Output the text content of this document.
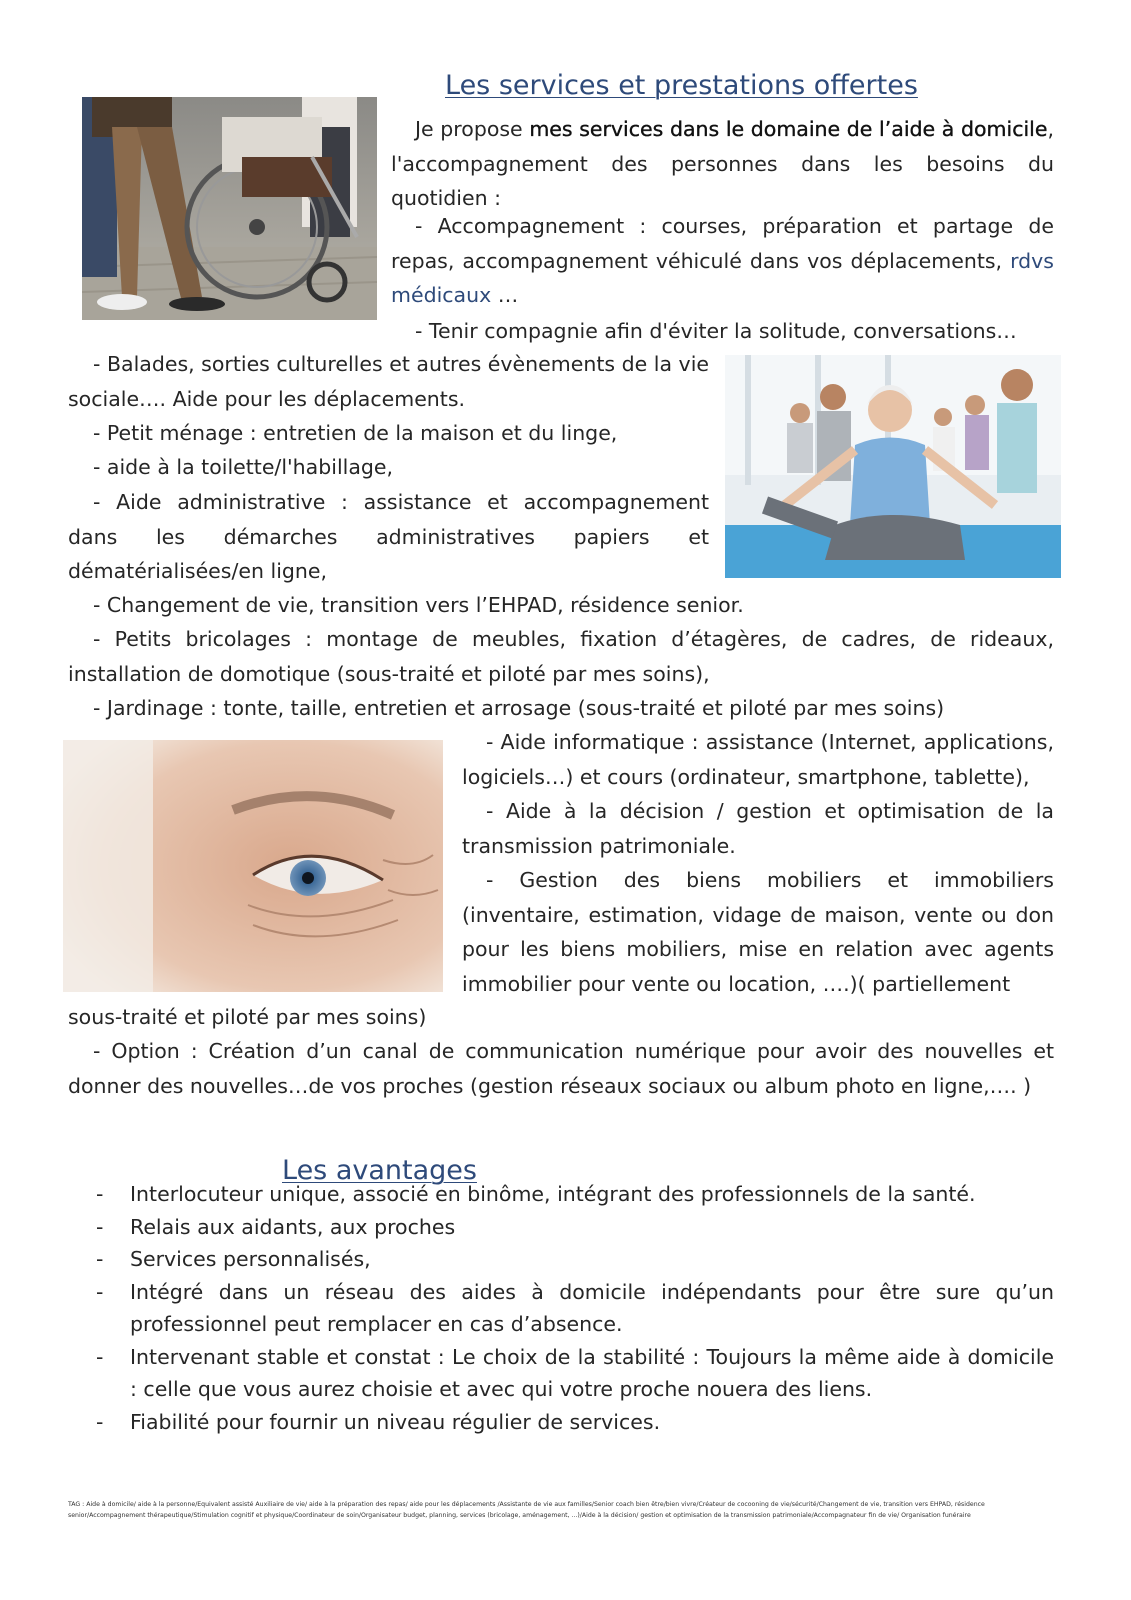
Les services et prestations offertes
Je propose mes services dans le domaine de l’aide à domicile, l'accompagnement des personnes dans les besoins du quotidien :
- Accompagnement : courses, préparation et partage de repas, accompagnement véhiculé dans vos déplacements, rdvs médicaux …
- Tenir compagnie afin d'éviter la solitude, conversations…
- Balades, sorties culturelles et autres évènements de la vie sociale…. Aide pour les déplacements.
- Petit ménage : entretien de la maison et du linge,
- aide à la toilette/l'habillage,
- Aide administrative : assistance et accompagnement dans les démarches administratives papiers et dématérialisées/en ligne,
- Changement de vie, transition vers l’EHPAD, résidence senior.
- Petits bricolages : montage de meubles, fixation d’étagères, de cadres, de rideaux, installation de domotique (sous-traité et piloté par mes soins),
- Jardinage : tonte, taille, entretien et arrosage (sous-traité et piloté par mes soins)
- Aide informatique : assistance (Internet, applications, logiciels…) et cours (ordinateur, smartphone, tablette),
- Aide à la décision / gestion et optimisation de la transmission patrimoniale.
- Gestion des biens mobiliers et immobiliers (inventaire, estimation, vidage de maison, vente ou don pour les biens mobiliers, mise en relation avec agents immobilier pour vente ou location, ….)( partiellement
sous-traité et piloté par mes soins)
- Option : Création d’un canal de communication numérique pour avoir des nouvelles et donner des nouvelles…de vos proches (gestion réseaux sociaux ou album photo en ligne,…. )
Les avantages
- Interlocuteur unique, associé en binôme, intégrant des professionnels de la santé.
- Relais aux aidants, aux proches
- Services personnalisés,
- Intégré dans un réseau des aides à domicile indépendants pour être sure qu’un professionnel peut remplacer en cas d’absence.
- Intervenant stable et constat : Le choix de la stabilité : Toujours la même aide à domicile : celle que vous aurez choisie et avec qui votre proche nouera des liens.
- Fiabilité pour fournir un niveau régulier de services.
TAG : Aide à domicile/ aide à la personne/Equivalent assisté Auxiliaire de vie/ aide à la préparation des repas/ aide pour les déplacements /Assistante de vie aux familles/Senior coach bien être/bien vivre/Créateur de cocooning de vie/sécurité/Changement de vie, transition vers EHPAD, résidence senior/Accompagnement thérapeutique/Stimulation cognitif et physique/Coordinateur de soin/Organisateur budget, planning, services (bricolage, aménagement, ...)/Aide à la décision/ gestion et optimisation de la transmission patrimoniale/Accompagnateur fin de vie/ Organisation funéraire
